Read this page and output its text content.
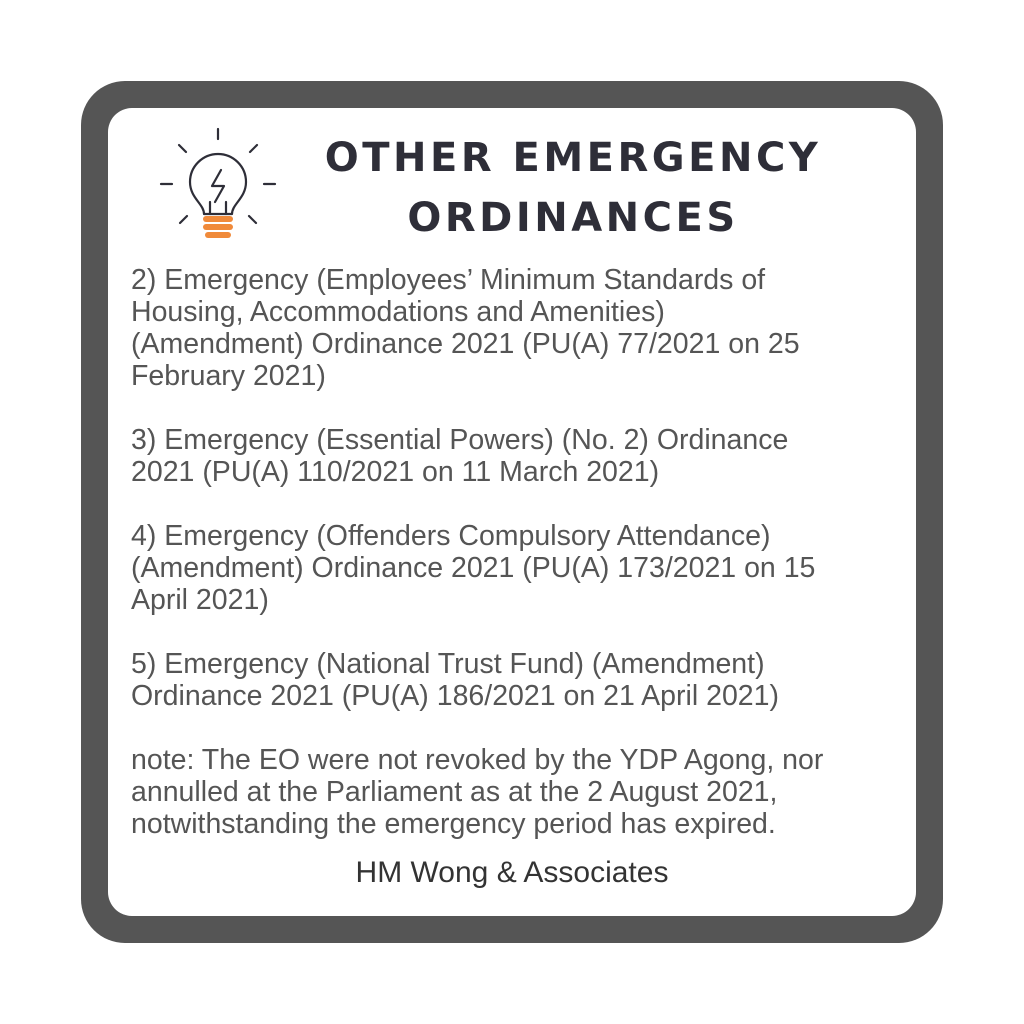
OTHER EMERGENCY
ORDINANCES

2) Emergency (Employees’ Minimum Standards of
Housing, Accommodations and Amenities)
(Amendment) Ordinance 2021 (PU(A) 77/2021 on 25
February 2021)

3) Emergency (Essential Powers) (No. 2) Ordinance
2021 (PU(A) 110/2021 on 11 March 2021)

4) Emergency (Offenders Compulsory Attendance)
(Amendment) Ordinance 2021 (PU(A) 173/2021 on 15
April 2021)

5) Emergency (National Trust Fund) (Amendment)
Ordinance 2021 (PU(A) 186/2021 on 21 April 2021)

note: The EO were not revoked by the YDP Agong, nor
annulled at the Parliament as at the 2 August 2021,
notwithstanding the emergency period has expired.

HM Wong & Associates
